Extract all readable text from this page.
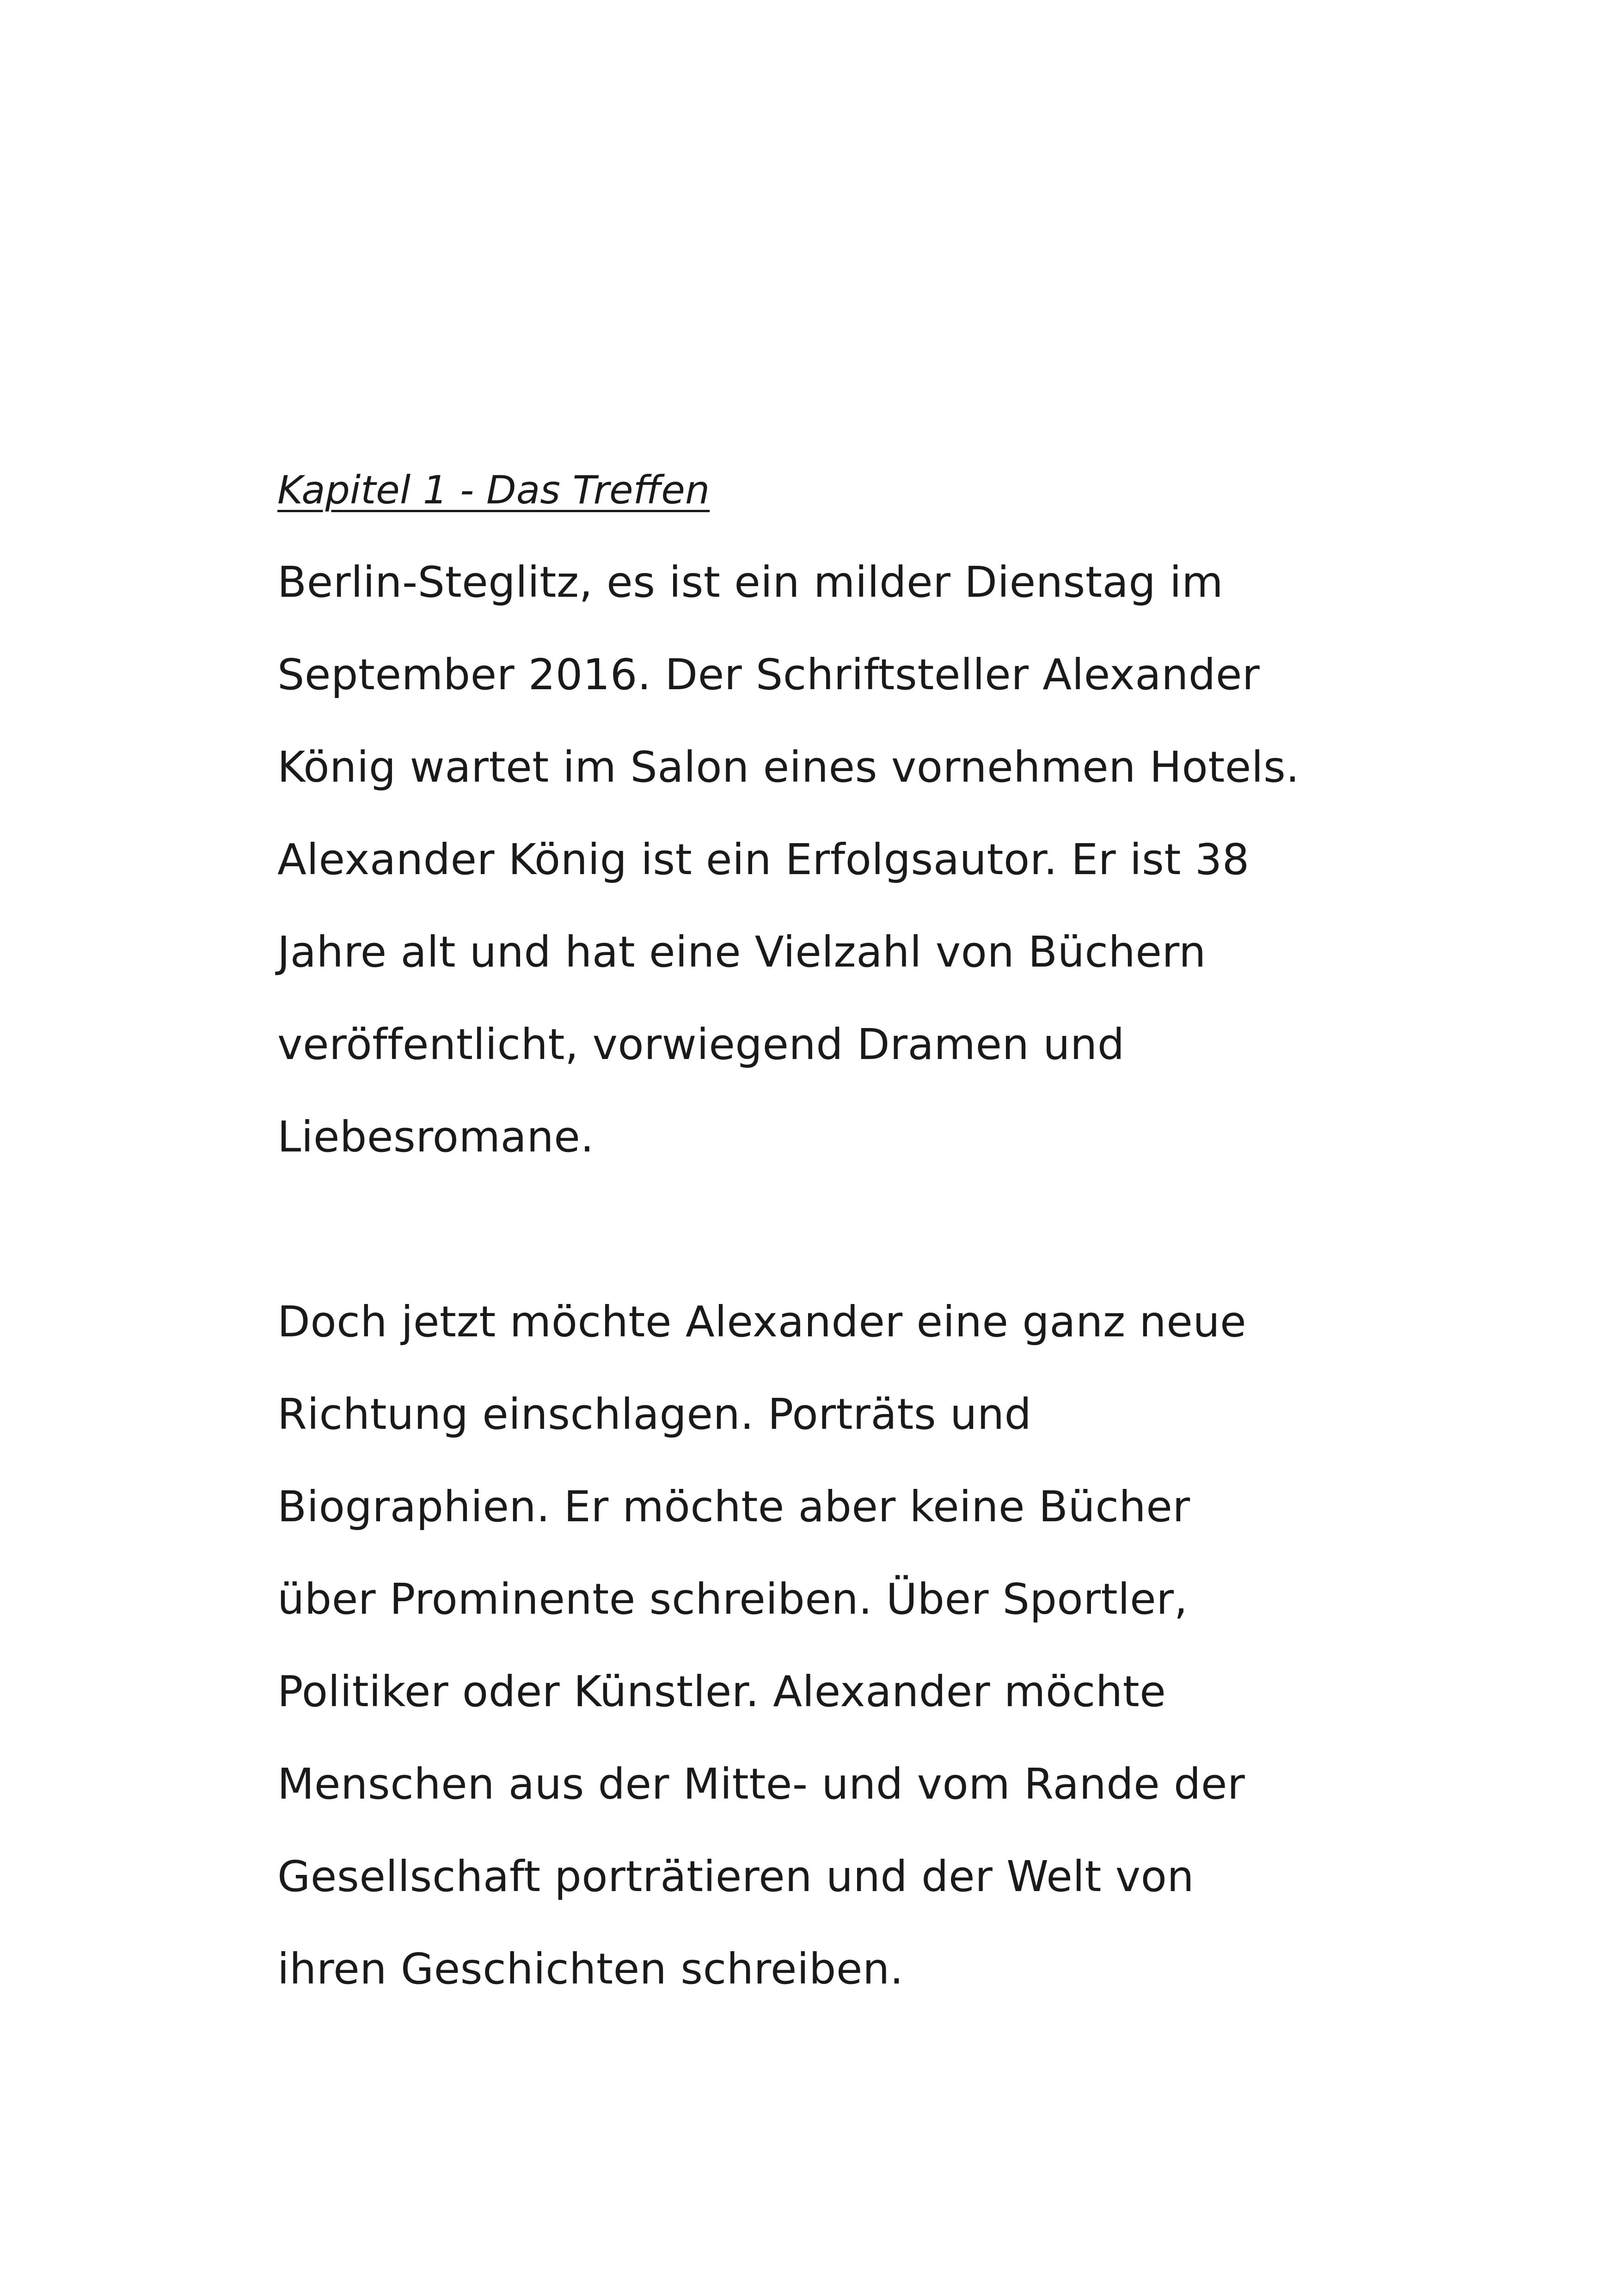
Kapitel 1 - Das Treffen
Berlin-Steglitz, es ist ein milder Dienstag im
September 2016. Der Schriftsteller Alexander
König wartet im Salon eines vornehmen Hotels.
Alexander König ist ein Erfolgsautor. Er ist 38
Jahre alt und hat eine Vielzahl von Büchern
veröffentlicht, vorwiegend Dramen und
Liebesromane.
Doch jetzt möchte Alexander eine ganz neue
Richtung einschlagen. Porträts und
Biographien. Er möchte aber keine Bücher
über Prominente schreiben. Über Sportler,
Politiker oder Künstler. Alexander möchte
Menschen aus der Mitte- und vom Rande der
Gesellschaft porträtieren und der Welt von
ihren Geschichten schreiben.
